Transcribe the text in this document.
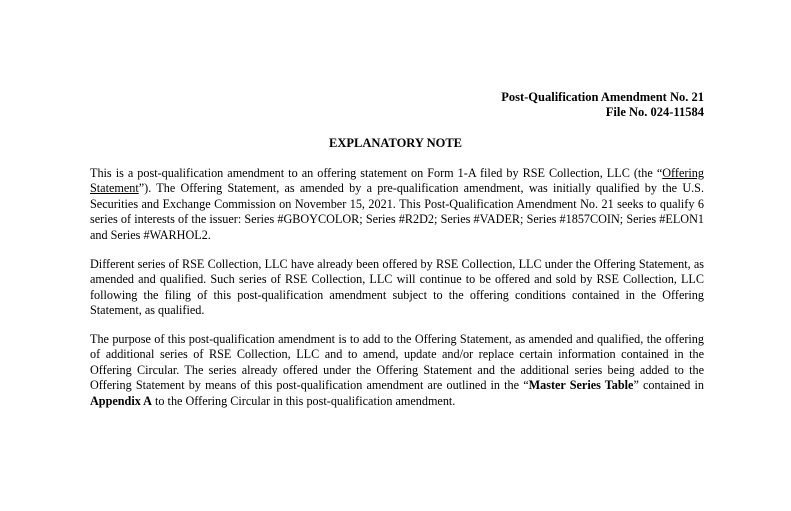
Post-Qualification Amendment No. 21
File No. 024-11584
EXPLANATORY NOTE
This is a post-qualification amendment to an offering statement on Form 1-A filed by RSE Collection, LLC (the “Offering Statement”). The Offering Statement, as amended by a pre-qualification amendment, was initially qualified by the U.S. Securities and Exchange Commission on November 15, 2021. This Post-Qualification Amendment No. 21 seeks to qualify 6 series of interests of the issuer: Series #GBOYCOLOR; Series #R2D2; Series #VADER; Series #1857COIN; Series #ELON1 and Series #WARHOL2.
Different series of RSE Collection, LLC have already been offered by RSE Collection, LLC under the Offering Statement, as amended and qualified. Such series of RSE Collection, LLC will continue to be offered and sold by RSE Collection, LLC following the filing of this post-qualification amendment subject to the offering conditions contained in the Offering Statement, as qualified.
The purpose of this post-qualification amendment is to add to the Offering Statement, as amended and qualified, the offering of additional series of RSE Collection, LLC and to amend, update and/or replace certain information contained in the Offering Circular. The series already offered under the Offering Statement and the additional series being added to the Offering Statement by means of this post-qualification amendment are outlined in the “Master Series Table” contained in Appendix A to the Offering Circular in this post-qualification amendment.
